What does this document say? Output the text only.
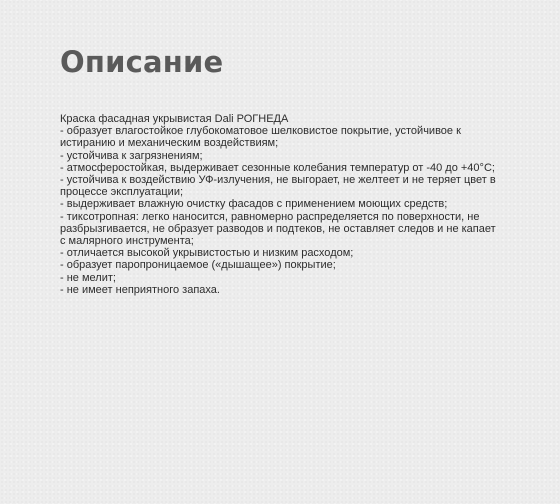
Описание
Краска фасадная укрывистая Dali РОГНЕДА
- образует влагостойкое глубокоматовое шелковистое покрытие, устойчивое к
истиранию и механическим воздействиям;
- устойчива к загрязнениям;
- атмосферостойкая, выдерживает сезонные колебания температур от -40 до +40°С;
- устойчива к воздействию УФ-излучения, не выгорает, не желтеет и не теряет цвет в
процессе эксплуатации;
- выдерживает влажную очистку фасадов с применением моющих средств;
- тиксотропная: легко наносится, равномерно распределяется по поверхности, не
разбрызгивается, не образует разводов и подтеков, не оставляет следов и не капает
с малярного инструмента;
- отличается высокой укрывистостью и низким расходом;
- образует паропроницаемое («дышащее») покрытие;
- не мелит;
- не имеет неприятного запаха.
